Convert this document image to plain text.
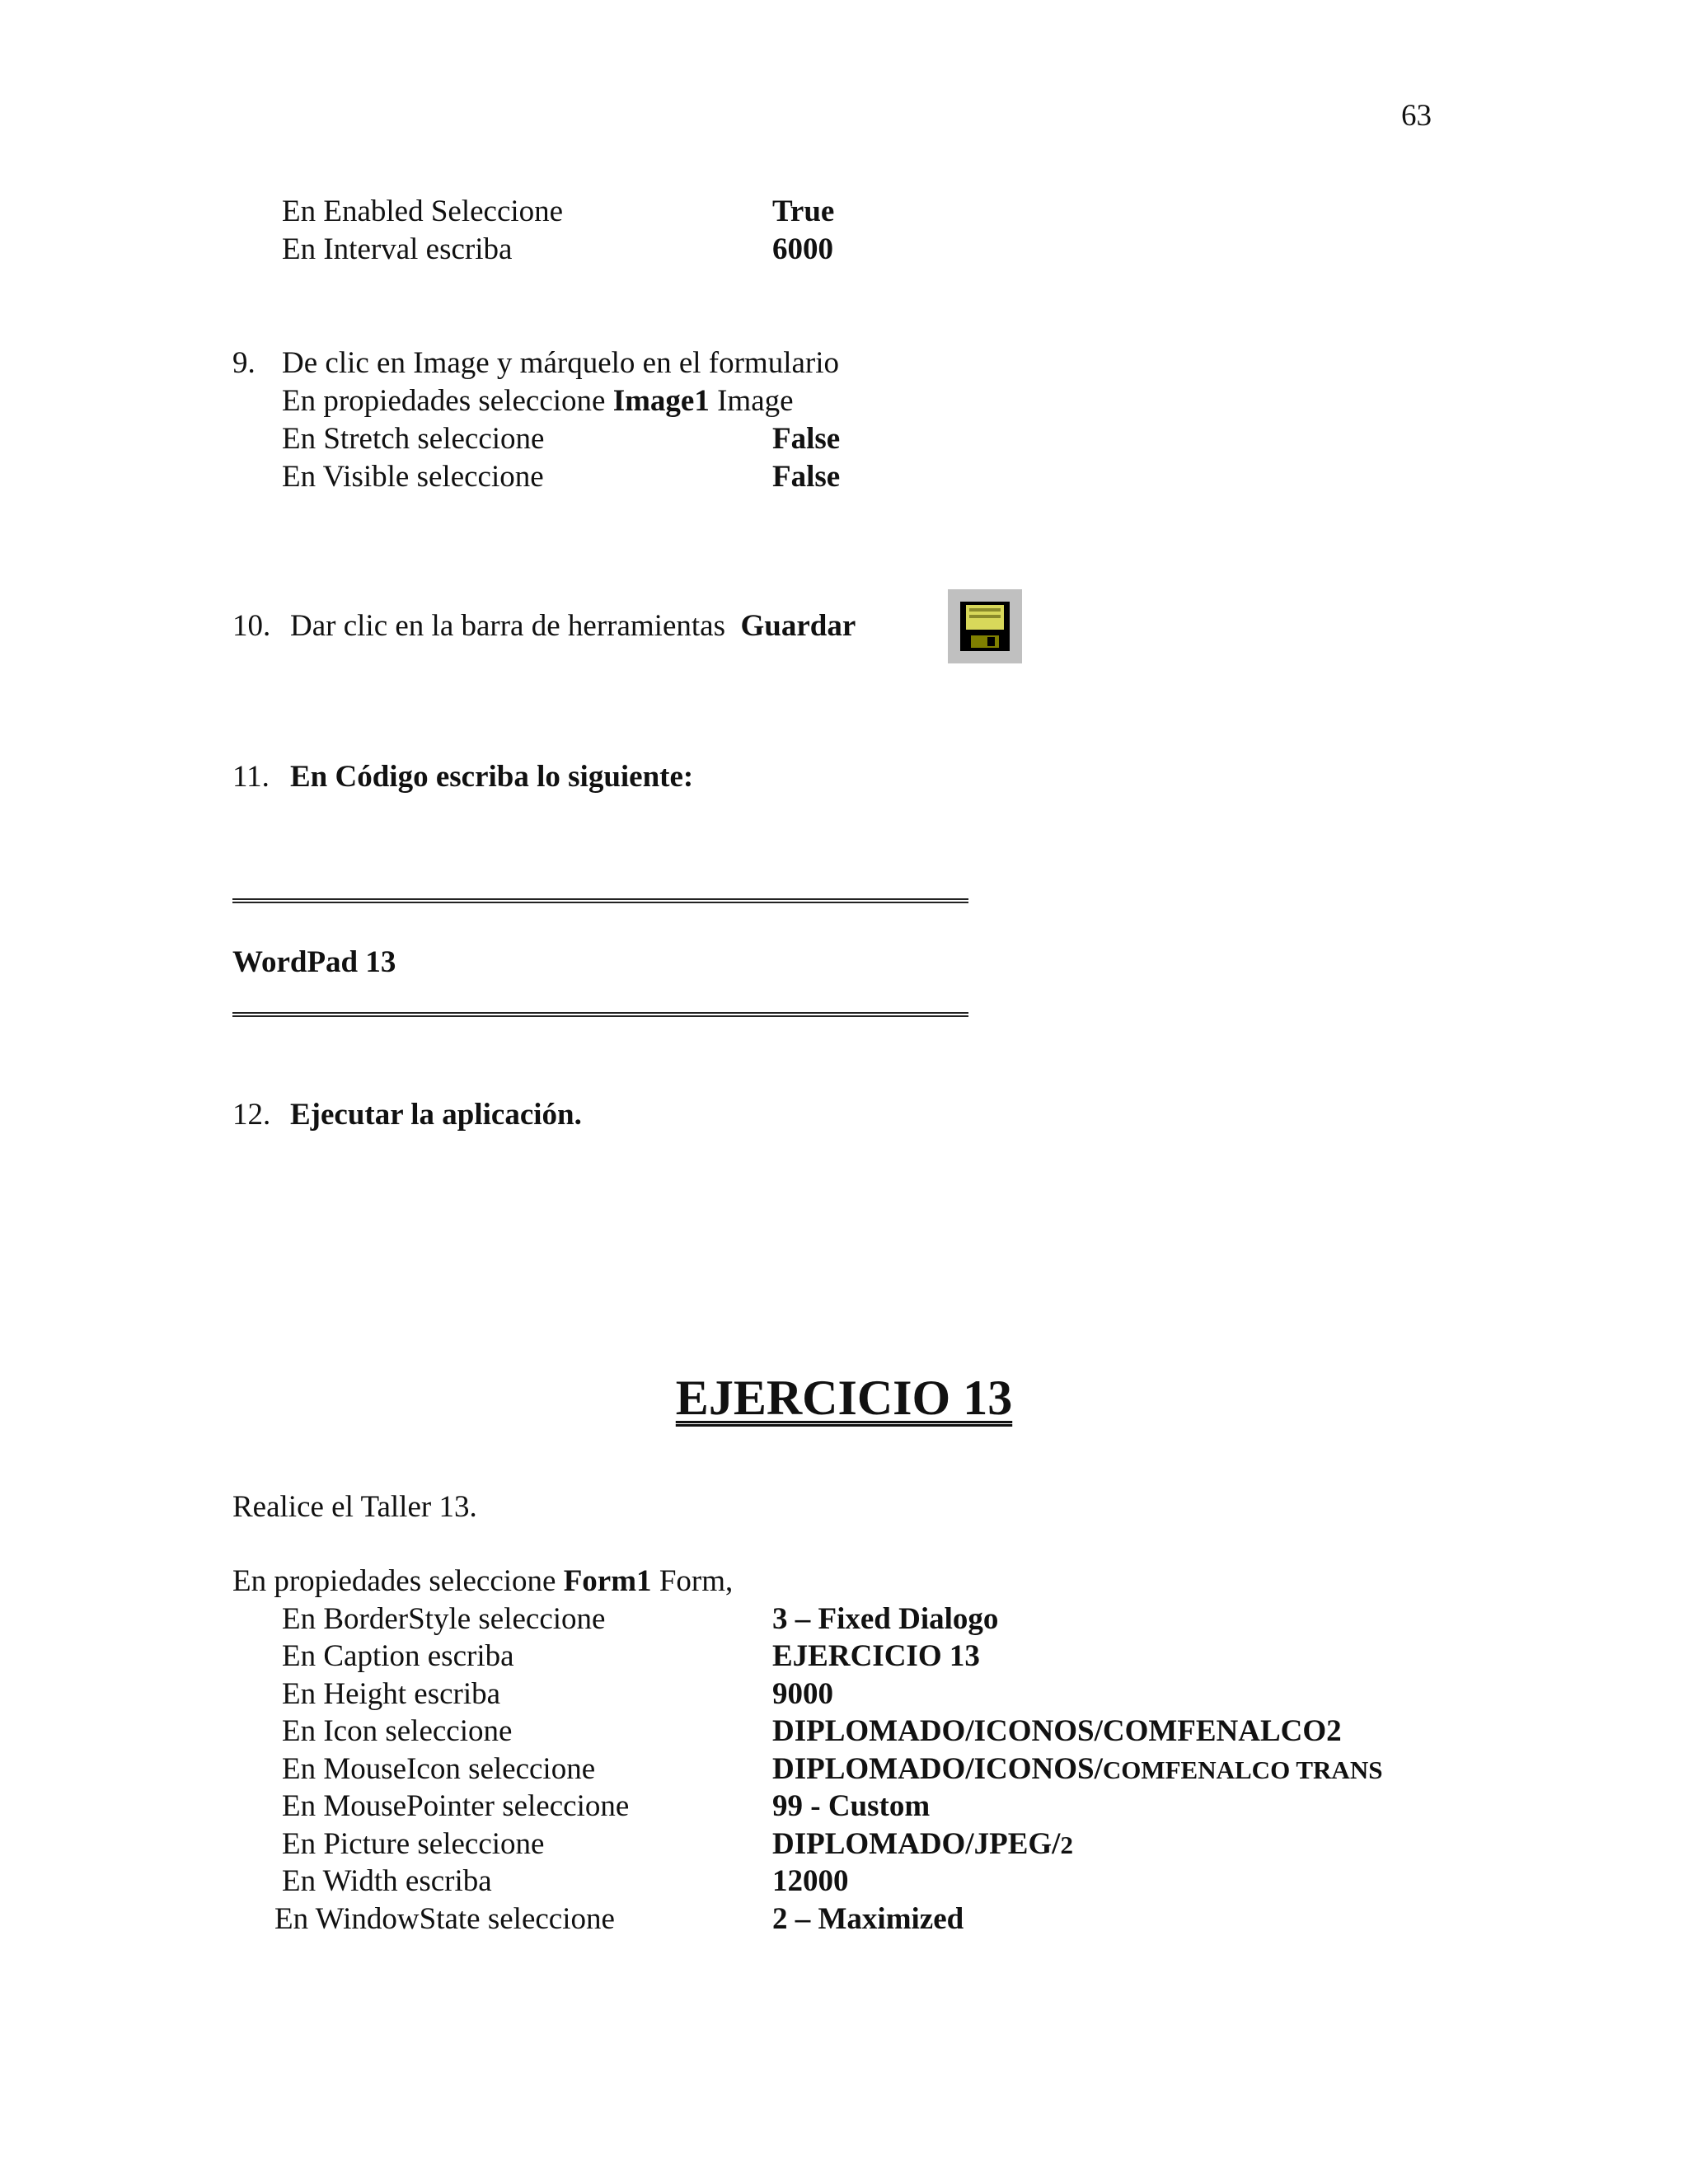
63
En Enabled Seleccione	True
En Interval escriba	6000
9. De clic en Image y márquelo en el formulario
En propiedades seleccione Image1 Image
En Stretch seleccione	False
En Visible seleccione	False
10. Dar clic en la barra de herramientas Guardar
11. En Código escriba lo siguiente:
WordPad 13
12. Ejecutar la aplicación.
EJERCICIO 13
Realice el Taller 13.
En propiedades seleccione Form1 Form,
En BorderStyle seleccione	3 – Fixed Dialogo
En Caption escriba	EJERCICIO 13
En Height escriba	9000
En Icon seleccione	DIPLOMADO/ICONOS/COMFENALCO2
En MouseIcon seleccione	DIPLOMADO/ICONOS/COMFENALCO TRANS
En MousePointer seleccione	99 - Custom
En Picture seleccione	DIPLOMADO/JPEG/2
En Width escriba	12000
En WindowState seleccione	2 – Maximized
